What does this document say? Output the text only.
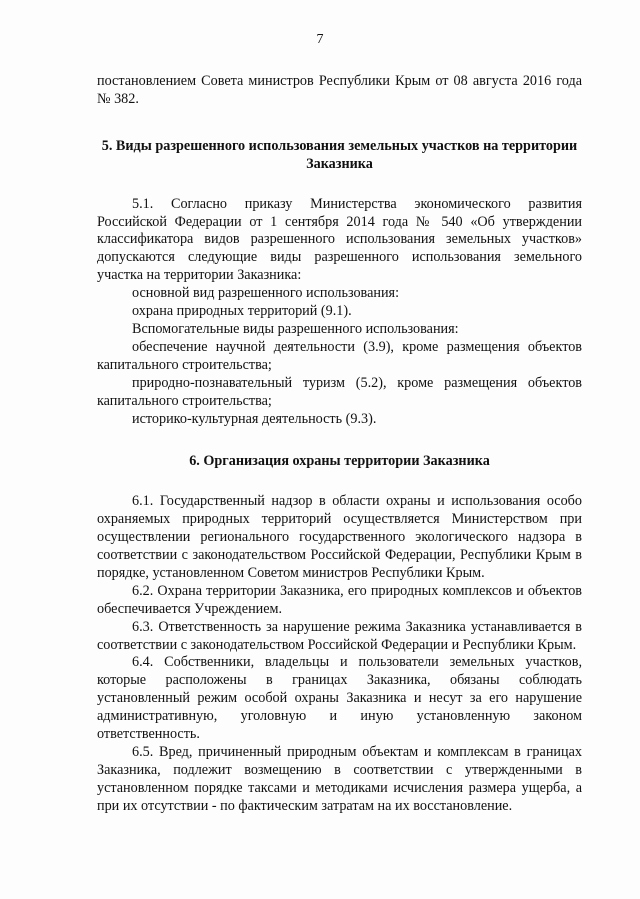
7

постановлением Совета министров Республики Крым от 08 августа 2016 года № 382.

5. Виды разрешенного использования земельных участков на территории Заказника

5.1. Согласно приказу Министерства экономического развития Российской Федерации от 1 сентября 2014 года № 540 «Об утверждении классификатора видов разрешенного использования земельных участков» допускаются следующие виды разрешенного использования земельного участка на территории Заказника:

основной вид разрешенного использования:

охрана природных территорий (9.1).

Вспомогательные виды разрешенного использования:

обеспечение научной деятельности (3.9), кроме размещения объектов капитального строительства;

природно-познавательный туризм (5.2), кроме размещения объектов капитального строительства;

историко-культурная деятельность (9.3).

6. Организация охраны территории Заказника

6.1. Государственный надзор в области охраны и использования особо охраняемых природных территорий осуществляется Министерством при осуществлении регионального государственного экологического надзора в соответствии с законодательством Российской Федерации, Республики Крым в порядке, установленном Советом министров Республики Крым.

6.2. Охрана территории Заказника, его природных комплексов и объектов обеспечивается Учреждением.

6.3. Ответственность за нарушение режима Заказника устанавливается в соответствии с законодательством Российской Федерации и Республики Крым.

6.4. Собственники, владельцы и пользователи земельных участков, которые расположены в границах Заказника, обязаны соблюдать установленный режим особой охраны Заказника и несут за его нарушение административную, уголовную и иную установленную законом ответственность.

6.5. Вред, причиненный природным объектам и комплексам в границах Заказника, подлежит возмещению в соответствии с утвержденными в установленном порядке таксами и методиками исчисления размера ущерба, а при их отсутствии - по фактическим затратам на их восстановление.
